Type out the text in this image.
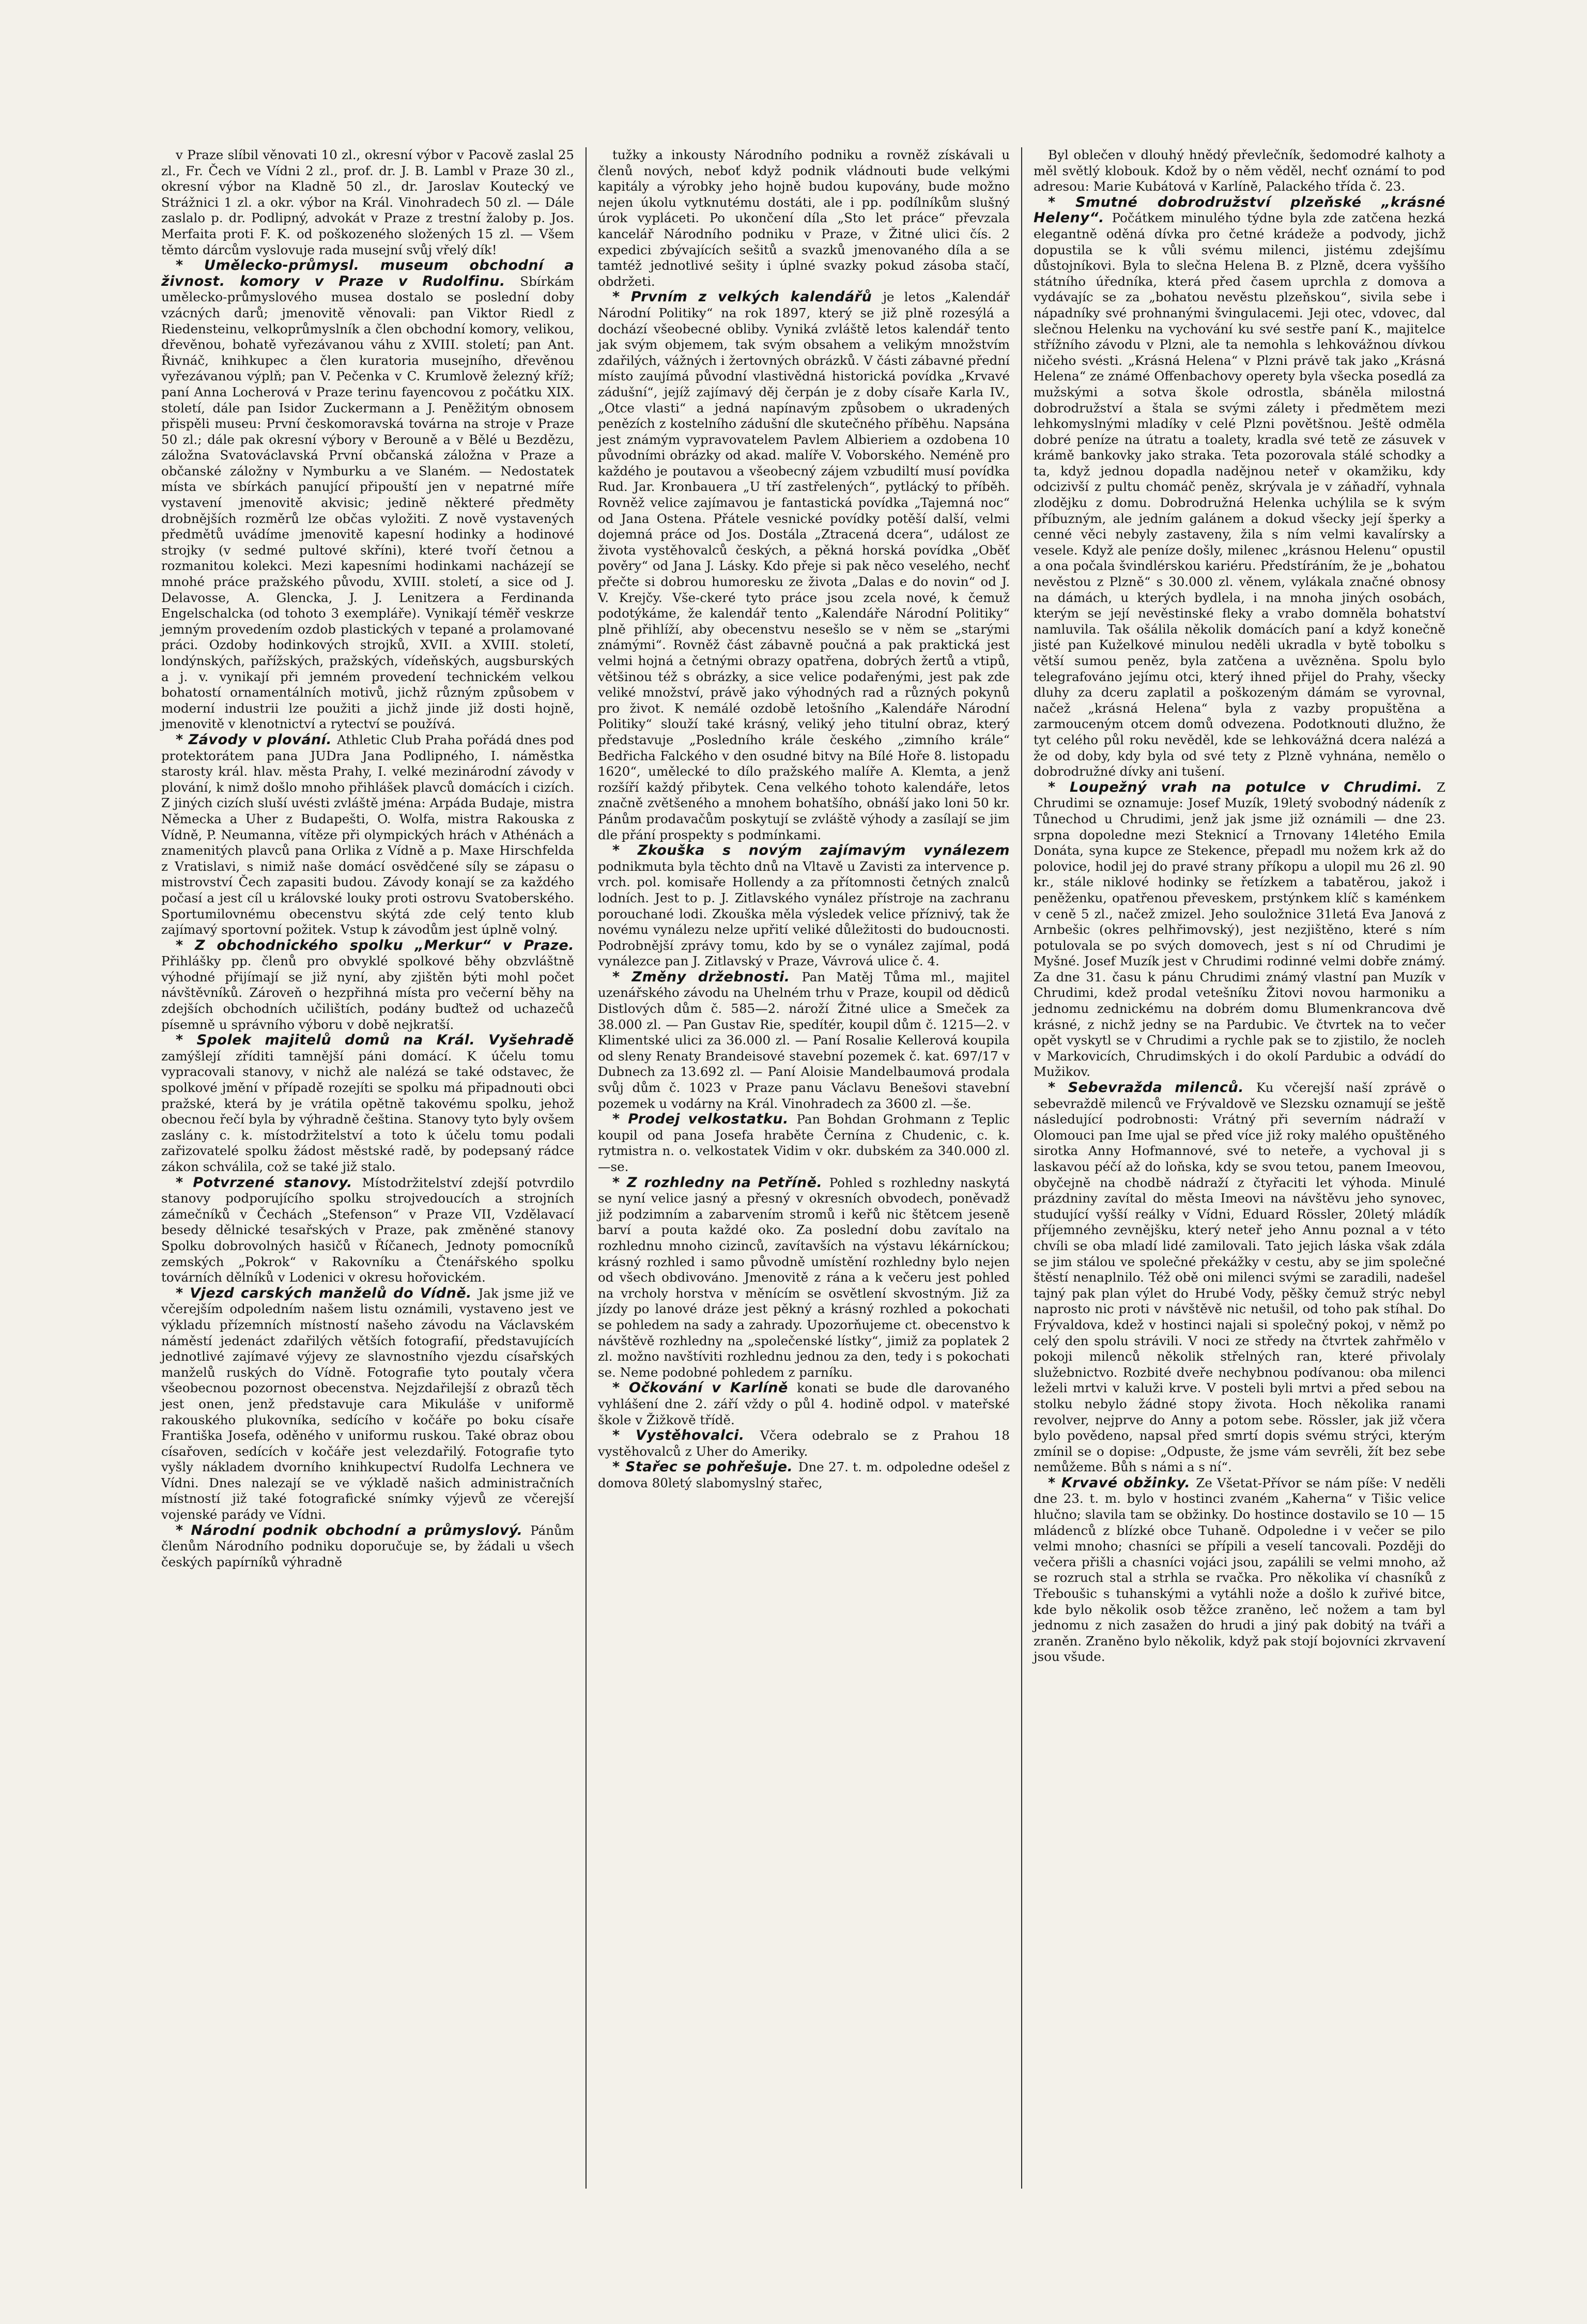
v Praze slíbil věnovati 10 zl., okresní výbor v Pacově zaslal 25 zl., Fr. Čech ve Vídni 2 zl., prof. dr. J. B. Lambl v Praze 30 zl., okresní výbor na Kladně 50 zl., dr. Jaroslav Koutecký ve Strážnici 1 zl. a okr. výbor na Král. Vinohradech 50 zl. — Dále zaslalo p. dr. Podlipný, advokát v Praze z trestní žaloby p. Jos. Merfaita proti F. K. od poškozeného složených 15 zl. — Všem těmto dárcům vyslovuje rada musejní svůj vřelý dík!

* Umělecko-průmysl. museum obchodní a živnost. komory v Praze v Rudolfinu. Sbírkám umělecko-průmyslového musea dostalo se poslední doby vzácných darů; jmenovitě věnovali: pan Viktor Riedl z Riedensteinu, velkoprůmyslník a člen obchodní komory, velikou, dřevěnou, bohatě vyřezávanou váhu z XVIII. století; pan Ant. Řivnáč, knihkupec a člen kuratoria musejního, dřevěnou vyřezávanou výplň; pan V. Pečenka v C. Krumlově železný kříž; paní Anna Locherová v Praze terinu fayencovou z počátku XIX. století, dále pan Isidor Zuckermann a J. Peněžitým obnosem přispěli museu: První českomoravská továrna na stroje v Praze 50 zl.; dále pak okresní výbory v Berouně a v Bělé u Bezdězu, záložna Svatováclavská První občanská záložna v Praze a občanské záložny v Nymburku a ve Slaném. — Nedostatek místa ve sbírkách panující připouští jen v nepatrné míře vystavení jmenovitě akvisic; jedině některé předměty drobnějších rozměrů lze občas vyložiti. Z nově vystavených předmětů uvádíme jmenovitě kapesní hodinky a hodinové strojky (v sedmé pultové skříni), které tvoří četnou a rozmanitou kolekci. Mezi kapesními hodinkami nacházejí se mnohé práce pražského původu, XVIII. století, a sice od J. Delavosse, A. Glencka, J. J. Lenitzera a Ferdinanda Engelschalcka (od tohoto 3 exempláře). Vynikají téměř veskrze jemným provedením ozdob plastických v tepané a prolamované práci. Ozdoby hodinkových strojků, XVII. a XVIII. století, londýnských, pařížských, pražských, vídeňských, augsburských a j. v. vynikají při jemném provedení technickém velkou bohatostí ornamentálních motivů, jichž různým způsobem v moderní industrii lze použiti a jichž jinde již dosti hojně, jmenovitě v klenotnictví a rytectví se používá.

* Závody v plování. Athletic Club Praha pořádá dnes pod protektorátem pana JUDra Jana Podlipného, I. náměstka starosty král. hlav. města Prahy, I. velké mezinárodní závody v plování, k nimž došlo mnoho přihlášek plavců domácích i cizích. Z jiných cizích sluší uvésti zvláště jména: Arpáda Budaje, mistra Německa a Uher z Budapešti, O. Wolfa, mistra Rakouska z Vídně, P. Neumanna, vítěze při olympických hrách v Athénách a znamenitých plavců pana Orlika z Vídně a p. Maxe Hirschfelda z Vratislavi, s nimiž naše domácí osvědčené síly se zápasu o mistrovství Čech zapasiti budou. Závody konají se za každého počasí a jest cíl u královské louky proti ostrovu Svatoberského. Sportumilovnému obecenstvu skýtá zde celý tento klub zajímavý sportovní požitek. Vstup k závodům jest úplně volný.

* Z obchodnického spolku „Merkur“ v Praze. Přihlášky pp. členů pro obvyklé spolkové běhy obzvláštně výhodné přijímají se již nyní, aby zjištěn býti mohl počet návštěvníků. Zároveň o hezpřihná místa pro večerní běhy na zdejších obchodních učilištích, podány buďtež od uchazečů písemně u správního výboru v době nejkratší.

* Spolek majitelů domů na Král. Vyšehradě zamýšlejí zříditi tamnější páni domácí. K účelu tomu vypracovali stanovy, v nichž ale nalézá se také odstavec, že spolkové jmění v případě rozejíti se spolku má připadnouti obci pražské, která by je vrátila opětně takovému spolku, jehož obecnou řečí byla by výhradně čeština. Stanovy tyto byly ovšem zaslány c. k. místodržitelství a toto k účelu tomu podali zařizovatelé spolku žádost městské radě, by podepsaný rádce zákon schválila, což se také již stalo.

* Potvrzené stanovy. Místodržitelství zdejší potvrdilo stanovy podporujícího spolku strojvedoucích a strojních zámečníků v Čechách „Stefenson“ v Praze VII, Vzdělavací besedy dělnické tesařských v Praze, pak změněné stanovy Spolku dobrovolných hasičů v Říčanech, Jednoty pomocníků zemských „Pokrok“ v Rakovníku a Čtenářského spolku továrních dělníků v Lodenici v okresu hořovickém.

* Vjezd carských manželů do Vídně. Jak jsme již ve včerejším odpoledním našem listu oznámili, vystaveno jest ve výkladu přízemních místností našeho závodu na Václavském náměstí jedenáct zdařilých větších fotografií, představujících jednotlivé zajímavé výjevy ze slavnostního vjezdu císařských manželů ruských do Vídně. Fotografie tyto poutaly včera všeobecnou pozornost obecenstva. Nejzdařilejší z obrazů těch jest onen, jenž představuje cara Mikuláše v uniformě rakouského plukovníka, sedícího v kočáře po boku císaře Františka Josefa, oděného v uniformu ruskou. Také obraz obou císařoven, sedících v kočáře jest velezdařilý. Fotografie tyto vyšly nákladem dvorního knihkupectví Rudolfa Lechnera ve Vídni. Dnes nalezají se ve výkladě našich administračních místností již také fotografické snímky výjevů ze včerejší vojenské parády ve Vídni.

* Národní podnik obchodní a průmyslový. Pánům členům Národního podniku doporučuje se, by žádali u všech českých papírníků výhradně

tužky a inkousty Národního podniku a rovněž získávali u členů nových, neboť když podnik vládnouti bude velkými kapitály a výrobky jeho hojně budou kupovány, bude možno nejen úkolu vytknutému dostáti, ale i pp. podílníkům slušný úrok vypláceti. Po ukončení díla „Sto let práce“ převzala kancelář Národního podniku v Praze, v Žitné ulici čís. 2 expedici zbývajících sešitů a svazků jmenovaného díla a se tamtéž jednotlivé sešity i úplné svazky pokud zásoba stačí, obdržeti.

* Prvním z velkých kalendářů je letos „Kalendář Národní Politiky“ na rok 1897, který se již plně rozesýlá a dochází všeobecné obliby. Vyniká zvláště letos kalendář tento jak svým objemem, tak svým obsahem a velikým množstvím zdařilých, vážných i žertovných obrázků. V části zábavné přední místo zaujímá původní vlastivědná historická povídka „Krvavé zádušní“, jejíž zajímavý děj čerpán je z doby císaře Karla IV., „Otce vlasti“ a jedná napínavým způsobem o ukradených penězích z kostelního zádušní dle skutečného příběhu. Napsána jest známým vypravovatelem Pavlem Albieriem a ozdobena 10 původními obrázky od akad. malíře V. Voborského. Neméně pro každého je poutavou a všeobecný zájem vzbudiltí musí povídka Rud. Jar. Kronbauera „U tří zastřelených“, pytlácký to příběh. Rovněž velice zajímavou je fantastická povídka „Tajemná noc“ od Jana Ostena. Přátele vesnické povídky potěší další, velmi dojemná práce od Jos. Dostála „Ztracená dcera“, událost ze života vystěhovalců českých, a pěkná horská povídka „Oběť pověry“ od Jana J. Lásky. Kdo přeje si pak něco veselého, nechť přečte si dobrou humoresku ze života „Dalas e do novin“ od J. V. Krejčy. Vše-ckeré tyto práce jsou zcela nové, k čemuž podotýkáme, že kalendář tento „Kalendáře Národní Politiky“ plně přihlíží, aby obecenstvu nesešlo se v něm se „starými známými“. Rovněž část zábavně poučná a pak praktická jest velmi hojná a četnými obrazy opatřena, dobrých žertů a vtipů, většinou též s obrázky, a sice velice podařenými, jest pak zde veliké množství, právě jako výhodných rad a různých pokynů pro život. K nemálé ozdobě letošního „Kalendáře Národní Politiky“ slouží také krásný, veliký jeho titulní obraz, který představuje „Posledního krále českého „zimního krále“ Bedřicha Falckého v den osudné bitvy na Bílé Hoře 8. listopadu 1620“, umělecké to dílo pražského malíře A. Klemta, a jenž rozšíří každý přibytek. Cena velkého tohoto kalendáře, letos značně zvětšeného a mnohem bohatšího, obnáší jako loni 50 kr. Pánům prodavačům poskytují se zvláště výhody a zasílají se jim dle přání prospekty s podmínkami.

* Zkouška s novým zajímavým vynálezem podnikmuta byla těchto dnů na Vltavě u Zavisti za intervence p. vrch. pol. komisaře Hollendy a za přítomnosti četných znalců lodních. Jest to p. J. Zitlavského vynález přístroje na zachranu porouchané lodi. Zkouška měla výsledek velice příznivý, tak že novému vynálezu nelze upřití veliké důležitosti do budoucnosti. Podrobnější zprávy tomu, kdo by se o vynález zajímal, podá vynálezce pan J. Zitlavský v Praze, Vávrová ulice č. 4.

* Změny držebnosti. Pan Matěj Tůma ml., majitel uzenářského závodu na Uhelném trhu v Praze, koupil od dědiců Distlových dům č. 585—2. nároží Žitné ulice a Smeček za 38.000 zl. — Pan Gustav Rie, spedítér, koupil dům č. 1215—2. v Klimentské ulici za 36.000 zl. — Paní Rosalie Kellerová koupila od sleny Renaty Brandeisové stavební pozemek č. kat. 697/17 v Dubnech za 13.692 zl. — Paní Aloisie Mandelbaumová prodala svůj dům č. 1023 v Praze panu Václavu Benešovi stavební pozemek u vodárny na Král. Vinohradech za 3600 zl. —še.

* Prodej velkostatku. Pan Bohdan Grohmann z Teplic koupil od pana Josefa hraběte Černína z Chudenic, c. k. rytmistra n. o. velkostatek Vidim v okr. dubském za 340.000 zl. —se.

* Z rozhledny na Petříně. Pohled s rozhledny naskytá se nyní velice jasný a přesný v okresních obvodech, poněvadž již podzimním a zabarvením stromů i keřů nic štětcem jeseně barví a pouta každé oko. Za poslední dobu zavítalo na rozhlednu mnoho cizinců, zavítavších na výstavu lékárníckou; krásný rozhled i samo původně umístění rozhledny bylo nejen od všech obdivováno. Jmenovitě z rána a k večeru jest pohled na vrcholy horstva v měnícím se osvětlení skvostným. Již za jízdy po lanové dráze jest pěkný a krásný rozhled a pokochati se pohledem na sady a zahrady. Upozorňujeme ct. obecenstvo k návštěvě rozhledny na „společenské lístky“, jimiž za poplatek 2 zl. možno navštíviti rozhlednu jednou za den, tedy i s pokochati se. Neme podobné pohledem z parníku.

* Očkování v Karlíně konati se bude dle darovaného vyhlášení dne 2. září vždy o půl 4. hodině odpol. v mateřské škole v Žižkově třídě.

* Vystěhovalci. Včera odebralo se z Prahou 18 vystěhovalců z Uher do Ameriky.

* Stařec se pohřešuje. Dne 27. t. m. odpoledne odešel z domova 80letý slabomyslný stařec,

Byl oblečen v dlouhý hnědý převlečník, šedomodré kalhoty a měl světlý klobouk. Kdož by o něm věděl, nechť oznámí to pod adresou: Marie Kubátová v Karlíně, Palackého třída č. 23.

* Smutné dobrodružství plzeňské „krásné Heleny“. Počátkem minulého týdne byla zde zatčena hezká elegantně oděná dívka pro četné krádeže a podvody, jichž dopustila se k vůli svému milenci, jistému zdejšímu důstojníkovi. Byla to slečna Helena B. z Plzně, dcera vyššího státního úředníka, která před časem uprchla z domova a vydávajíc se za „bohatou nevěstu plzeňskou“, sivila sebe i nápadníky své prohnanými švingulacemi. Jeji otec, vdovec, dal slečnou Helenku na vychování ku své sestře paní K., majitelce střížního závodu v Plzni, ale ta nemohla s lehkovážnou dívkou ničeho svésti. „Krásná Helena“ v Plzni právě tak jako „Krásná Helena“ ze známé Offenbachovy operety byla všecka posedlá za mužskými a sotva škole odrostla, sbáněla milostná dobrodružství a štala se svými zálety i předmětem mezi lehkomyslnými mladíky v celé Plzni povětšnou. Ještě odměla dobré peníze na útratu a toalety, kradla své tetě ze zásuvek v krámě bankovky jako straka. Teta pozorovala stálé schodky a ta, když jednou dopadla nadějnou neteř v okamžiku, kdy odcizivší z pultu chomáč peněz, skrývala je v záňadří, vyhnala zlodějku z domu. Dobrodružná Helenka uchýlila se k svým příbuzným, ale jedním galánem a dokud všecky její šperky a cenné věci nebyly zastaveny, žila s ním velmi kavalírsky a vesele. Když ale peníze došly, milenec „krásnou Helenu“ opustil a ona počala švindlérskou kariéru. Předstíráním, že je „bohatou nevěstou z Plzně“ s 30.000 zl. věnem, vylákala značné obnosy na dámách, u kterých bydlela, i na mnoha jiných osobách, kterým se její nevěstinské fleky a vrabo domněla bohatství namluvila. Tak ošálila několik domácích paní a když konečně jisté pan Kuželkové minulou neděli ukradla v bytě tobolku s větší sumou peněz, byla zatčena a uvězněna. Spolu bylo telegrafováno jejímu otci, který ihned přijel do Prahy, všecky dluhy za dceru zaplatil a poškozeným dámám se vyrovnal, načež „krásná Helena“ byla z vazby propuštěna a zarmouceným otcem domů odvezena. Podotknouti dlužno, že tyt celého půl roku nevěděl, kde se lehkovážná dcera nalézá a že od doby, kdy byla od své tety z Plzně vyhnána, nemělo o dobrodružné dívky ani tušení.

* Loupežný vrah na potulce v Chrudimi. Z Chrudimi se oznamuje: Josef Muzík, 19letý svobodný nádeník z Tůnechod u Chrudimi, jenž jak jsme již oznámili — dne 23. srpna dopoledne mezi Steknicí a Trnovany 14letého Emila Donáta, syna kupce ze Stekence, přepadl mu nožem krk až do polovice, hodil jej do pravé strany příkopu a ulopil mu 26 zl. 90 kr., stále niklové hodinky se řetízkem a tabatěrou, jakož i peněženku, opatřenou převeskem, prstýnkem klíč s kaménkem v ceně 5 zl., načež zmizel. Jeho souložnice 31letá Eva Janová z Arnbešic (okres pelhřimovský), jest nezjištěno, které s ním potulovala se po svých domovech, jest s ní od Chrudimi je Myšné. Josef Muzík jest v Chrudimi rodinné velmi dobře známý. Za dne 31. času k pánu Chrudimi známý vlastní pan Muzík v Chrudimi, kdež prodal vetešníku Žitovi novou harmoniku a jednomu zednickému na dobrém domu Blumenkrancova dvě krásné, z nichž jedny se na Pardubic. Ve čtvrtek na to večer opět vyskytl se v Chrudimi a rychle pak se to zjistilo, že nocleh v Markovicích, Chrudimských i do okolí Pardubic a odvádí do Mužikov.

* Sebevražda milenců. Ku včerejší naší zprávě o sebevraždě milenců ve Frývaldově ve Slezsku oznamují se ještě následující podrobnosti: Vrátný při severním nádraží v Olomouci pan Ime ujal se před více již roky malého opuštěného sirotka Anny Hofmannové, své to neteře, a vychoval ji s laskavou péčí až do loňska, kdy se svou tetou, panem Imeovou, obyčejně na chodbě nádraží z čtyřaciti let výhoda. Minulé prázdniny zavítal do města Imeovi na návštěvu jeho synovec, studující vyšší reálky v Vídni, Eduard Rössler, 20letý mládík příjemného zevnějšku, který neteř jeho Annu poznal a v této chvíli se oba mladí lidé zamilovali. Tato jejich láska však zdála se jim stálou ve společné překážky v cestu, aby se jim společné štěstí nenaplnilo. Též obě oni milenci svými se zaradili, nadešel tajný pak plan výlet do Hrubé Vody, pěšky čemuž strýc nebyl naprosto nic proti v návštěvě nic netušil, od toho pak stíhal. Do Frývaldova, kdež v hostinci najali si společný pokoj, v němž po celý den spolu strávili. V noci ze středy na čtvrtek zahřmělo v pokoji milenců několik střelných ran, které přivolaly služebnictvo. Rozbité dveře nechybnou podívanou: oba milenci leželi mrtvi v kaluži krve. V posteli byli mrtvi a před sebou na stolku nebylo žádné stopy života. Hoch několika ranami revolver, nejprve do Anny a potom sebe. Rössler, jak již včera bylo povědeno, napsal před smrtí dopis svému strýci, kterým zmínil se o dopise: „Odpuste, že jsme vám sevrěli, žít bez sebe nemůžeme. Bůh s námi a s ní“.

* Krvavé obžinky. Ze Všetat-Přívor se nám píše: V neděli dne 23. t. m. bylo v hostinci zvaném „Kaherna“ v Tišic velice hlučno; slavila tam se obžinky. Do hostince dostavilo se 10 — 15 mládenců z blízké obce Tuhaně. Odpoledne i v večer se pilo velmi mnoho; chasníci se přípili a veselí tancovali. Později do večera přišli a chasníci vojáci jsou, zapálili se velmi mnoho, až se rozruch stal a strhla se rvačka. Pro několika ví chasníků z Třeboušic s tuhanskými a vytáhli nože a došlo k zuřivé bitce, kde bylo několik osob těžce zraněno, leč nožem a tam byl jednomu z nich zasažen do hrudi a jiný pak dobitý na tváři a zraněn. Zraněno bylo několik, když pak stojí bojovníci zkrvavení jsou všude.
